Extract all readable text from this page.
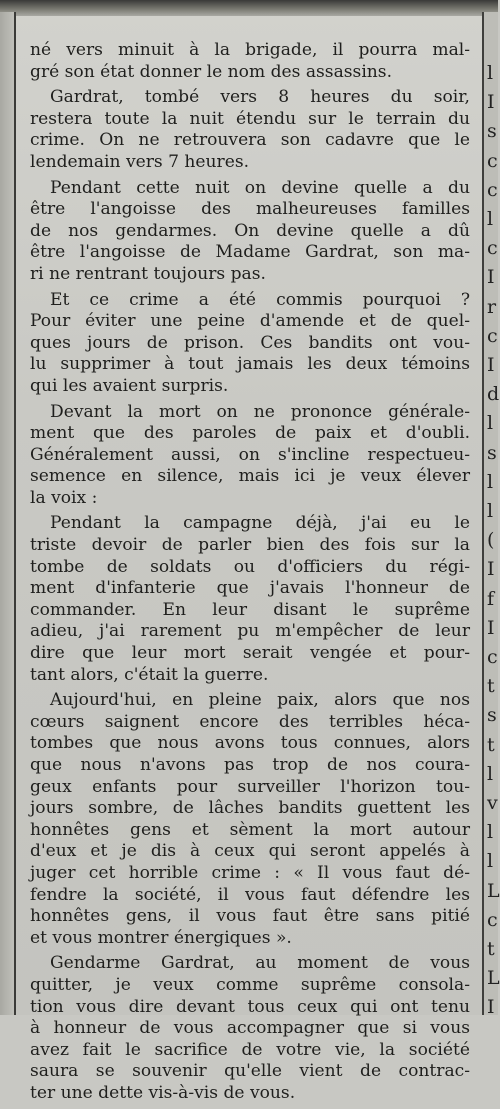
l
I
s
c
c
l
c
I
r
c
I
d
l
s
l
l
(
I
f
I
c
t
s
t
l
v
l
l
L
c
t
L
I

né vers minuit à la brigade, il pourra mal-
gré son état donner le nom des assassins.

Gardrat, tombé vers 8 heures du soir,
restera toute la nuit étendu sur le terrain du
crime. On ne retrouvera son cadavre que le
lendemain vers 7 heures.

Pendant cette nuit on devine quelle a du
être l'angoisse des malheureuses familles
de nos gendarmes. On devine quelle a dû
être l'angoisse de Madame Gardrat, son ma-
ri ne rentrant toujours pas.

Et ce crime a été commis pourquoi ?
Pour éviter une peine d'amende et de quel-
ques jours de prison. Ces bandits ont vou-
lu supprimer à tout jamais les deux témoins
qui les avaient surpris.

Devant la mort on ne prononce générale-
ment que des paroles de paix et d'oubli.
Généralement aussi, on s'incline respectueu-
semence en silence, mais ici je veux élever
la voix :

Pendant la campagne déjà, j'ai eu le
triste devoir de parler bien des fois sur la
tombe de soldats ou d'officiers du régi-
ment d'infanterie que j'avais l'honneur de
commander. En leur disant le suprême
adieu, j'ai rarement pu m'empêcher de leur
dire que leur mort serait vengée et pour-
tant alors, c'était la guerre.

Aujourd'hui, en pleine paix, alors que nos
cœurs saignent encore des terribles héca-
tombes que nous avons tous connues, alors
que nous n'avons pas trop de nos coura-
geux enfants pour surveiller l'horizon tou-
jours sombre, de lâches bandits guettent les
honnêtes gens et sèment la mort autour
d'eux et je dis à ceux qui seront appelés à
juger cet horrible crime : « Il vous faut dé-
fendre la société, il vous faut défendre les
honnêtes gens, il vous faut être sans pitié
et vous montrer énergiques ».

Gendarme Gardrat, au moment de vous
quitter, je veux comme suprême consola-
tion vous dire devant tous ceux qui ont tenu
à honneur de vous accompagner que si vous
avez fait le sacrifice de votre vie, la société
saura se souvenir qu'elle vient de contrac-
ter une dette vis-à-vis de vous.
